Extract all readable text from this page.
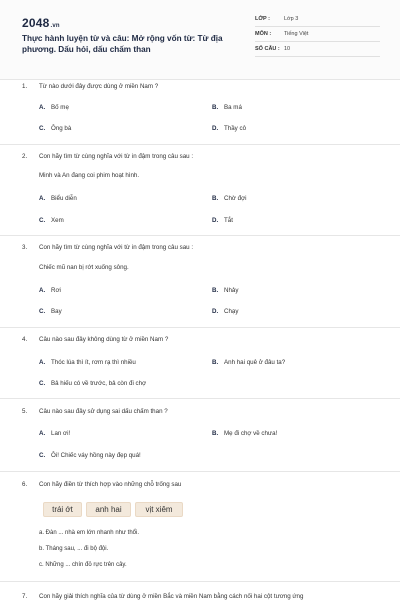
2048.vn
Thực hành luyện từ và câu: Mở rộng vốn từ: Từ địa phương. Dấu hỏi, dấu chấm than
LỚP :	Lớp 3
MÔN : Tiếng Việt
SỐ CÂU : 10
1.	Từ nào dưới đây được dùng ở miền Nam ?
A. Bố mẹ	B. Ba má
C. Ông bà	D. Thầy cô
2.	Con hãy tìm từ cùng nghĩa với từ in đậm trong câu sau :
Minh và An đang coi phim hoạt hình.
A. Biểu diễn	B. Chờ đợi
C. Xem	D. Tắt
3.	Con hãy tìm từ cùng nghĩa với từ in đậm trong câu sau :
Chiếc mũ nan bị rớt xuống sông.
A. Rơi	B. Nhảy
C. Bay	D. Chạy
4.	Câu nào sau đây không dùng từ ở miền Nam ?
A. Thóc lúa thì ít, rơm rạ thì nhiều	B. Anh hai quê ở đâu ta?
C. Bả hiếu có về trước, bả còn đi chợ
5.	Câu nào sau đây sử dụng sai dấu chấm than ?
A. Lan ơi!	B. Mẹ đi chợ về chưa!
C. Ôi! Chiếc váy hồng này đẹp quá!
6.	Con hãy điền từ thích hợp vào những chỗ trống sau
trái ớt	anh hai	vịt xiêm
a. Đàn ... nhà em lớn nhanh như thổi.
b. Tháng sau, ... đi bộ đội.
c. Những ... chín đỏ rực trên cây.
7.	Con hãy giải thích nghĩa của từ dùng ở miền Bắc và miền Nam bằng cách nối hai cột tương ứng
